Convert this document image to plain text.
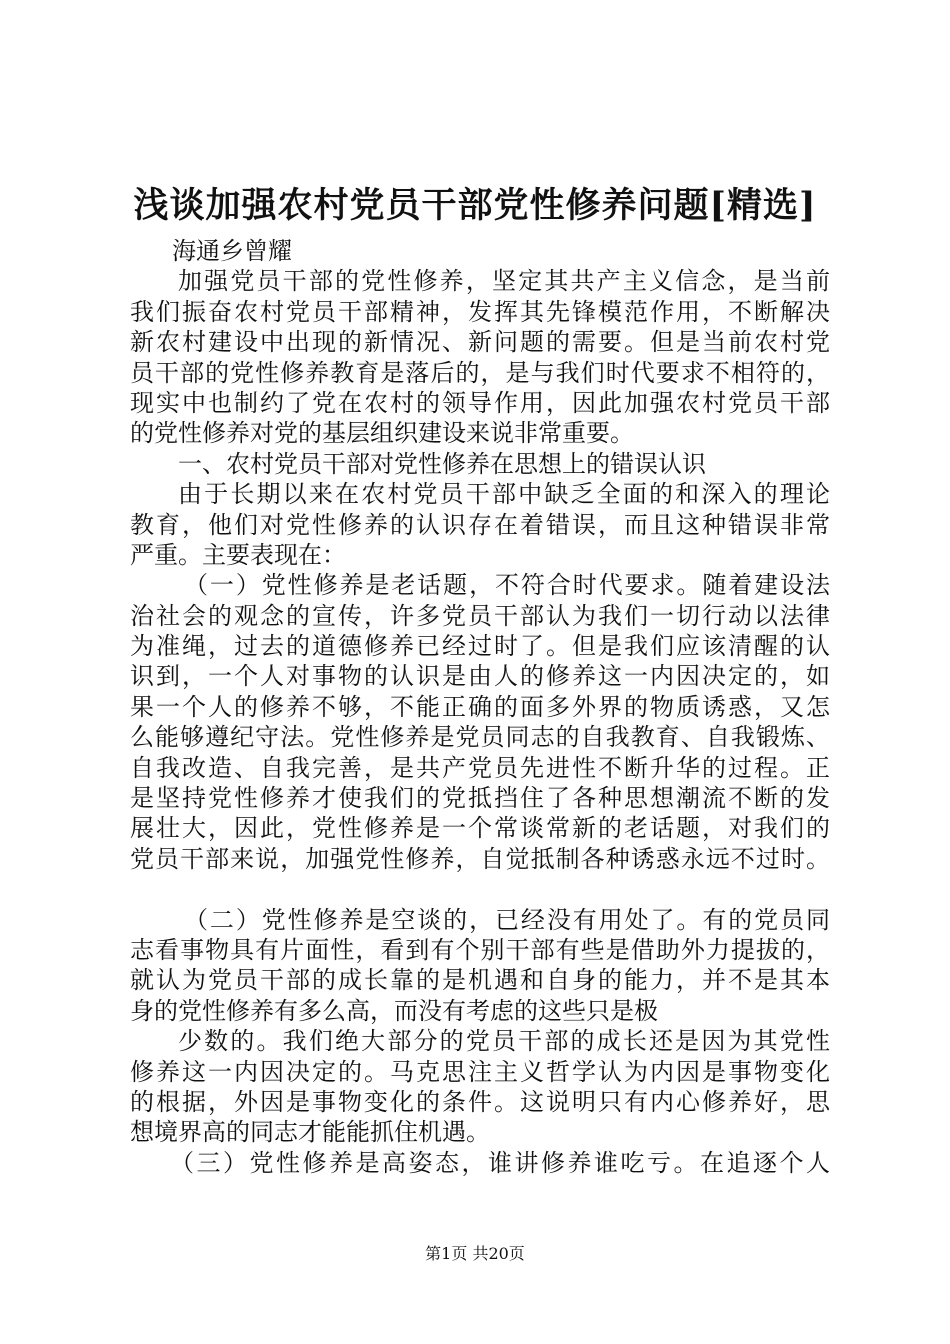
浅谈加强农村党员干部党性修养问题[精选]
海通乡曾耀
加强党员干部的党性修养，坚定其共产主义信念，是当前
我们振奋农村党员干部精神，发挥其先锋模范作用，不断解决
新农村建设中出现的新情况、新问题的需要。但是当前农村党
员干部的党性修养教育是落后的，是与我们时代要求不相符的，
现实中也制约了党在农村的领导作用，因此加强农村党员干部
的党性修养对党的基层组织建设来说非常重要。
一、农村党员干部对党性修养在思想上的错误认识
由于长期以来在农村党员干部中缺乏全面的和深入的理论
教育，他们对党性修养的认识存在着错误，而且这种错误非常
严重。主要表现在：
（一）党性修养是老话题，不符合时代要求。随着建设法
治社会的观念的宣传，许多党员干部认为我们一切行动以法律
为准绳，过去的道德修养已经过时了。但是我们应该清醒的认
识到，一个人对事物的认识是由人的修养这一内因决定的，如
果一个人的修养不够，不能正确的面多外界的物质诱惑，又怎
么能够遵纪守法。党性修养是党员同志的自我教育、自我锻炼、
自我改造、自我完善，是共产党员先进性不断升华的过程。正
是坚持党性修养才使我们的党抵挡住了各种思想潮流不断的发
展壮大，因此，党性修养是一个常谈常新的老话题，对我们的
党员干部来说，加强党性修养，自觉抵制各种诱惑永远不过时。
（二）党性修养是空谈的，已经没有用处了。有的党员同
志看事物具有片面性，看到有个别干部有些是借助外力提拔的，
就认为党员干部的成长靠的是机遇和自身的能力，并不是其本
身的党性修养有多么高，而没有考虑的这些只是极
少数的。我们绝大部分的党员干部的成长还是因为其党性
修养这一内因决定的。马克思注主义哲学认为内因是事物变化
的根据，外因是事物变化的条件。这说明只有内心修养好，思
想境界高的同志才能能抓住机遇。
（三）党性修养是高姿态，谁讲修养谁吃亏。在追逐个人
第1页 共20页
